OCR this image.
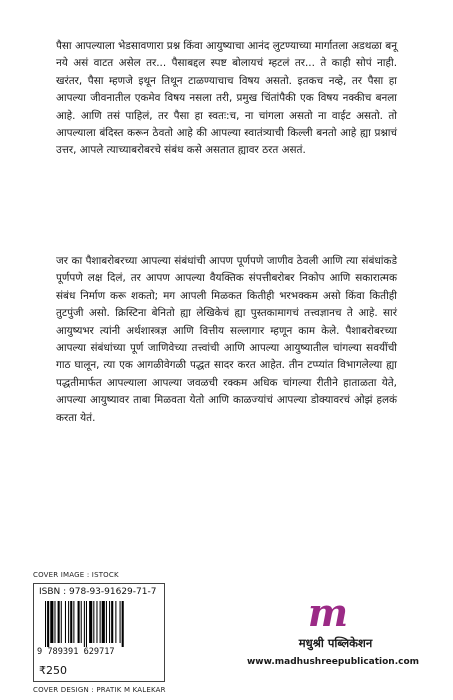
पैसा आपल्याला भेडसावणारा प्रश्न किंवा आयुष्याचा आनंद लुटण्याच्या मार्गातला अडथळा बनू नये असं वाटत असेल तर... पैसाबद्दल स्पष्ट बोलायचं म्हटलं तर... ते काही सोपं नाही. खरंतर, पैसा म्हणजे इथून तिथून टाळण्याचाच विषय असतो. इतकच नव्हे, तर पैसा हा आपल्या जीवनातील एकमेव विषय नसला तरी, प्रमुख चिंतांपैकी एक विषय नक्कीच बनला आहे. आणि तसं पाहिलं, तर पैसा हा स्वतः:च, ना चांगला असतो ना वाईट असतो. तो आपल्याला बंदिस्त करून ठेवतो आहे की आपल्या स्वातंत्र्याची किल्ली बनतो आहे ह्या प्रश्नाचं उत्तर, आपले त्याच्याबरोबरचे संबंध कसे असतात ह्यावर ठरत असतं.

जर का पैशाबरोबरच्या आपल्या संबंधांची आपण पूर्णपणे जाणीव ठेवली आणि त्या संबंधांकडे पूर्णपणे लक्ष दिलं, तर आपण आपल्या वैयक्तिक संपत्तीबरोबर निकोप आणि सकारात्मक संबंध निर्माण करू शकतो; मग आपली मिळकत कितीही भरभक्कम असो किंवा कितीही तुटपुंजी असो. क्रिस्टिना बेनितो ह्या लेखिकेचं ह्या पुस्तकामागचं तत्त्वज्ञानच ते आहे. सारं आयुष्यभर त्यांनी अर्थशास्त्रज्ञ आणि वित्तीय सल्लागार म्हणून काम केले. पैशाबरोबरच्या आपल्या संबंधांच्या पूर्ण जाणिवेच्या तत्त्वांची आणि आपल्या आयुष्यातील चांगल्या सवयींची गाठ घालून, त्या एक आगळीवेगळी पद्धत सादर करत आहेत. तीन टप्प्यांत विभागलेल्या ह्या पद्धतीमार्फत आपल्याला आपल्या जवळची रक्कम अधिक चांगल्या रीतीने हाताळता येते, आपल्या आयुष्यावर ताबा मिळवता येतो आणि काळज्यांचं आपल्या डोक्यावरचं ओझं हलकं करता येतं.

COVER IMAGE : ISTOCK
ISBN : 978-93-91629-71-7
9 789391 629717
₹250
COVER DESIGN : PRATIK M KALEKAR
m
मधुश्री पब्लिकेशन
www.madhushreepublication.com
